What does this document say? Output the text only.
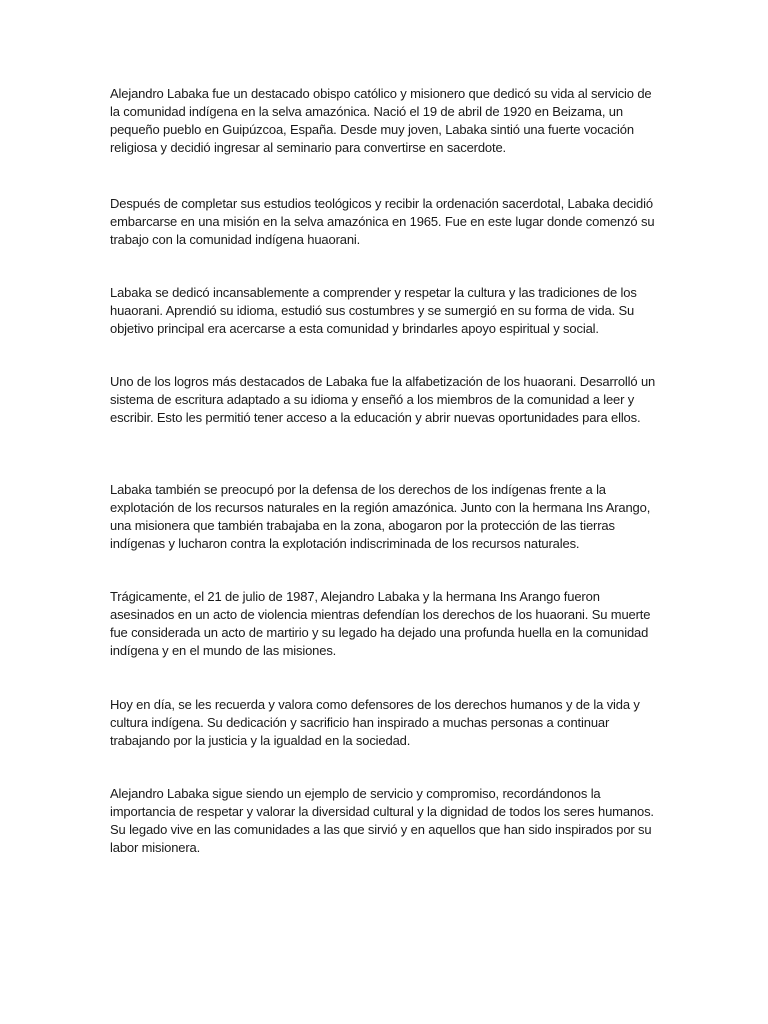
Alejandro Labaka fue un destacado obispo católico y misionero que dedicó su vida al servicio de la comunidad indígena en la selva amazónica. Nació el 19 de abril de 1920 en Beizama, un pequeño pueblo en Guipúzcoa, España. Desde muy joven, Labaka sintió una fuerte vocación religiosa y decidió ingresar al seminario para convertirse en sacerdote.

Después de completar sus estudios teológicos y recibir la ordenación sacerdotal, Labaka decidió embarcarse en una misión en la selva amazónica en 1965. Fue en este lugar donde comenzó su trabajo con la comunidad indígena huaorani.

Labaka se dedicó incansablemente a comprender y respetar la cultura y las tradiciones de los huaorani. Aprendió su idioma, estudió sus costumbres y se sumergió en su forma de vida. Su objetivo principal era acercarse a esta comunidad y brindarles apoyo espiritual y social.

Uno de los logros más destacados de Labaka fue la alfabetización de los huaorani. Desarrolló un sistema de escritura adaptado a su idioma y enseñó a los miembros de la comunidad a leer y escribir. Esto les permitió tener acceso a la educación y abrir nuevas oportunidades para ellos.

Labaka también se preocupó por la defensa de los derechos de los indígenas frente a la explotación de los recursos naturales en la región amazónica. Junto con la hermana Ins Arango, una misionera que también trabajaba en la zona, abogaron por la protección de las tierras indígenas y lucharon contra la explotación indiscriminada de los recursos naturales.

Trágicamente, el 21 de julio de 1987, Alejandro Labaka y la hermana Ins Arango fueron asesinados en un acto de violencia mientras defendían los derechos de los huaorani. Su muerte fue considerada un acto de martirio y su legado ha dejado una profunda huella en la comunidad indígena y en el mundo de las misiones.

Hoy en día, se les recuerda y valora como defensores de los derechos humanos y de la vida y cultura indígena. Su dedicación y sacrificio han inspirado a muchas personas a continuar trabajando por la justicia y la igualdad en la sociedad.

Alejandro Labaka sigue siendo un ejemplo de servicio y compromiso, recordándonos la importancia de respetar y valorar la diversidad cultural y la dignidad de todos los seres humanos. Su legado vive en las comunidades a las que sirvió y en aquellos que han sido inspirados por su labor misionera.
